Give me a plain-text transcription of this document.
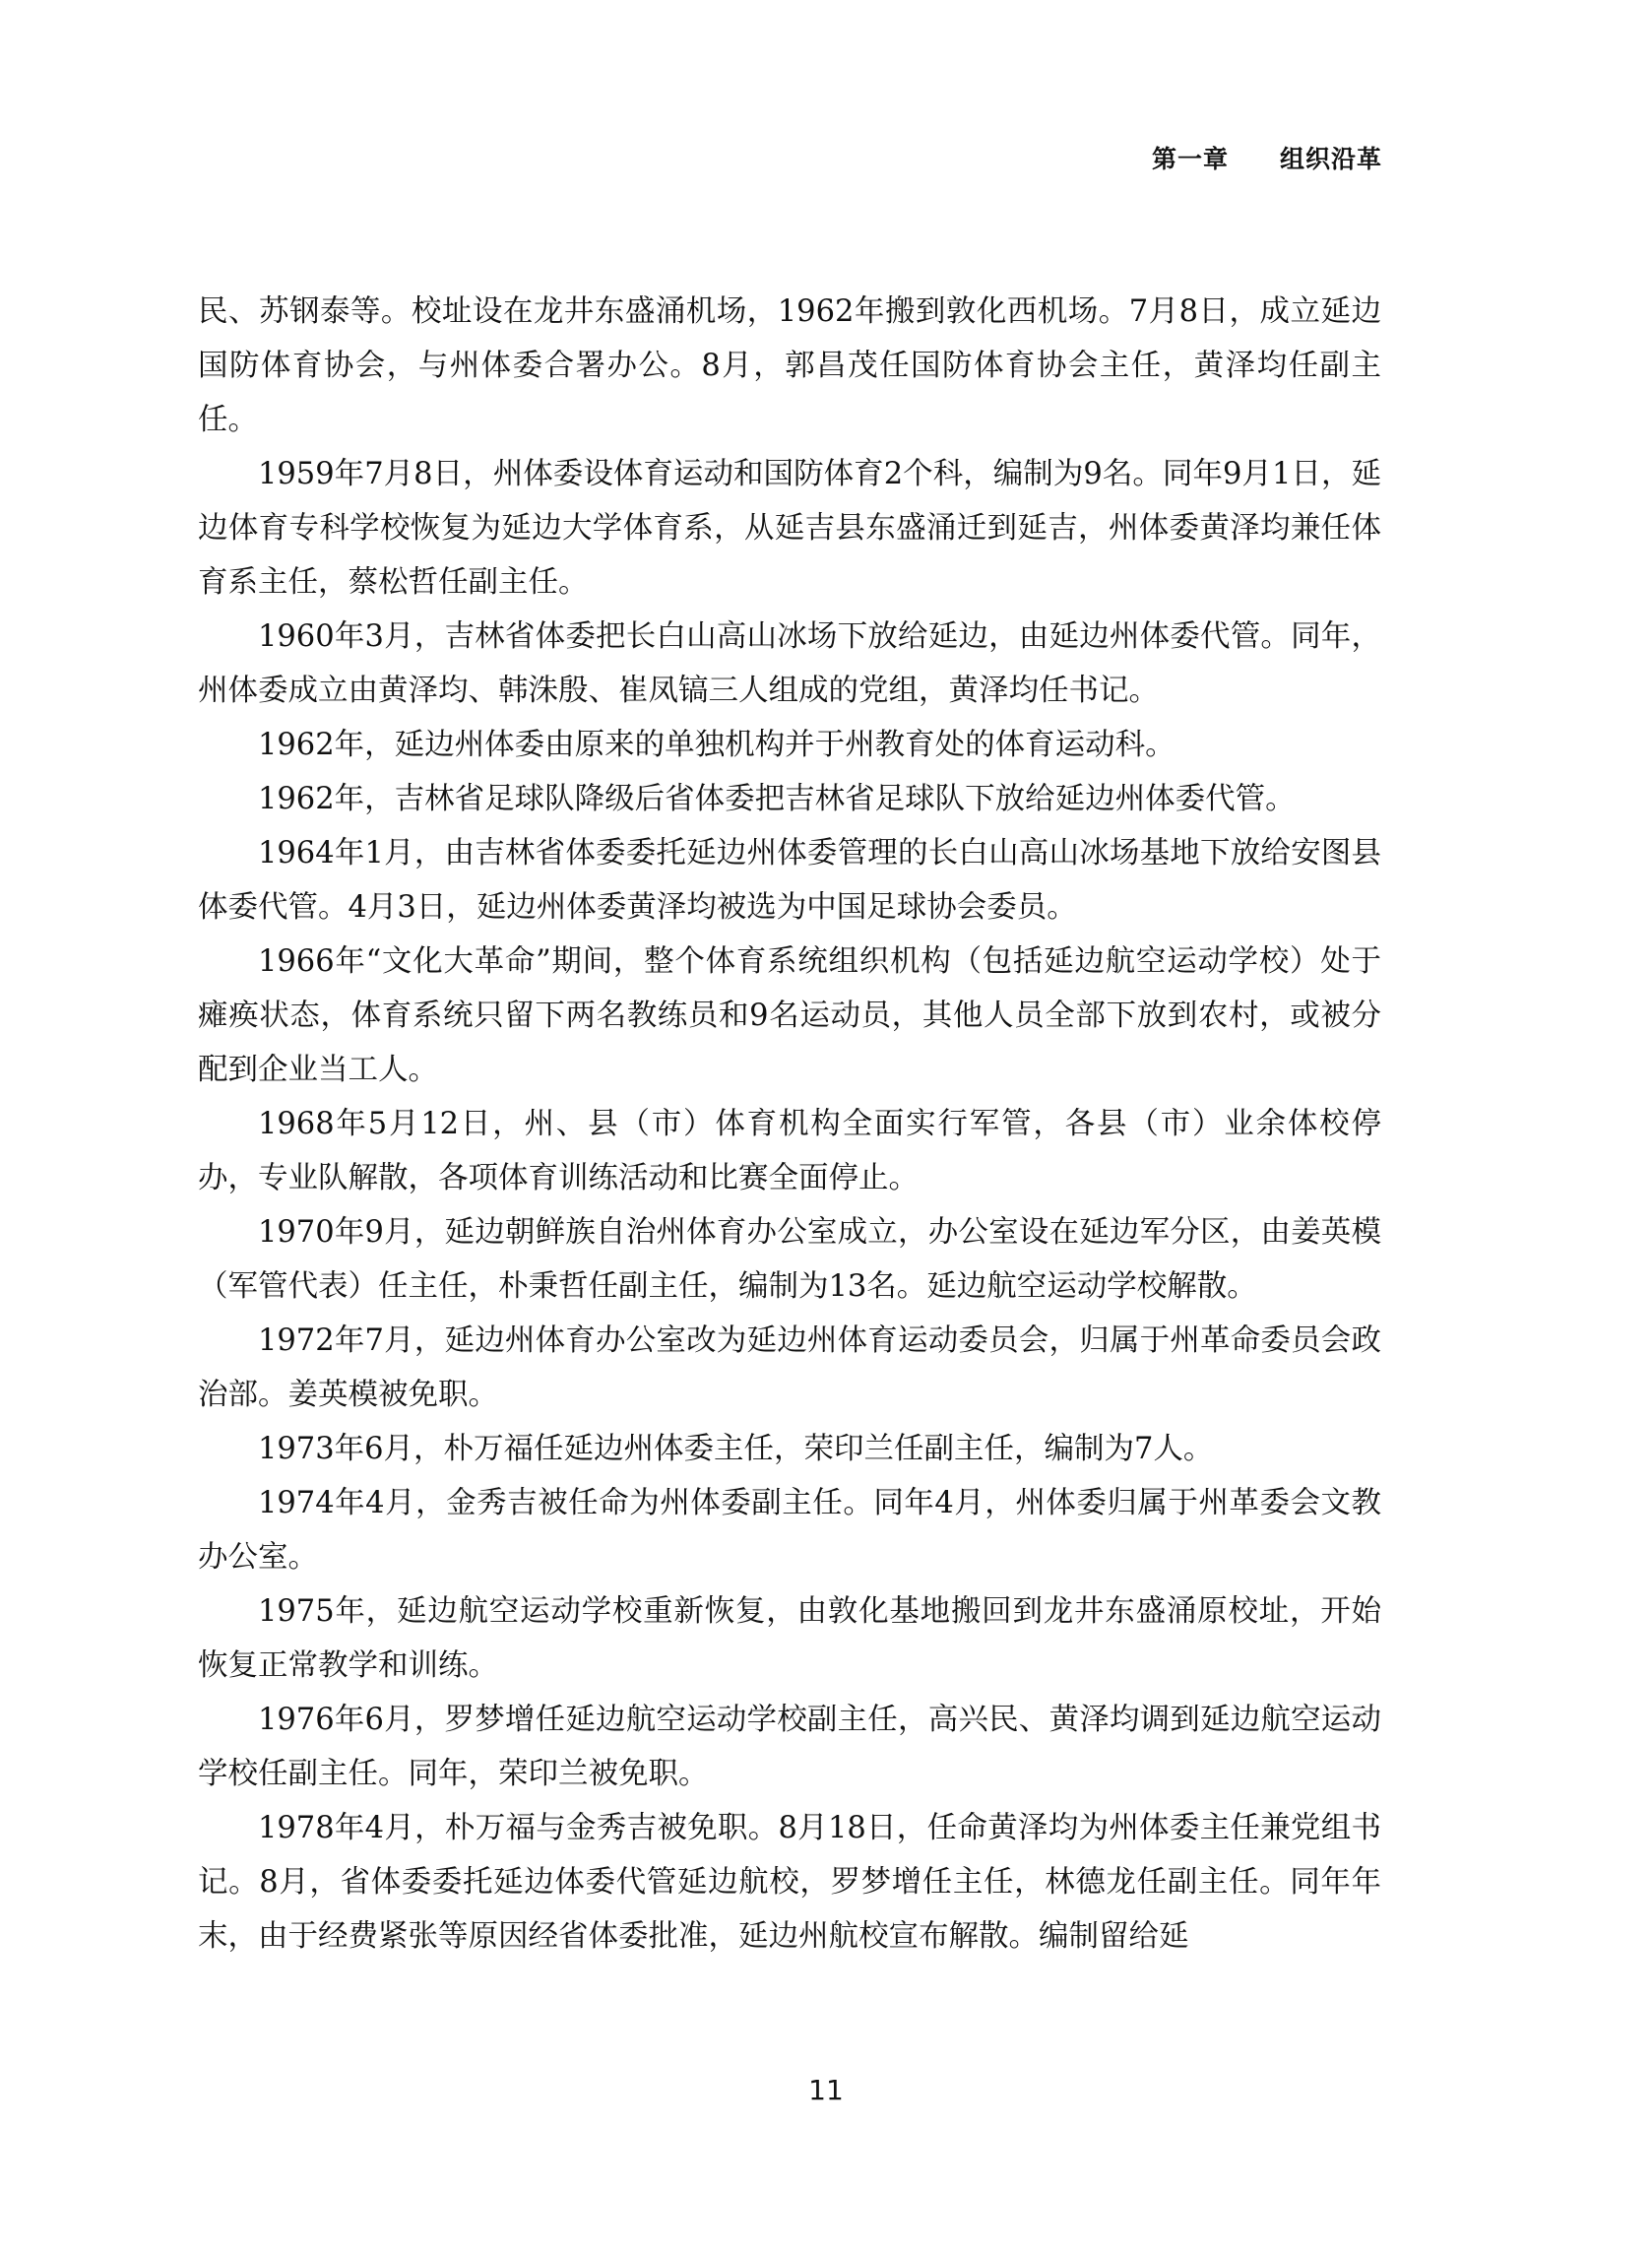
第一章　　组织沿革

民、苏钢泰等。校址设在龙井东盛涌机场，1962年搬到敦化西机场。7月8日，成立延边国防体育协会，与州体委合署办公。8月，郭昌茂任国防体育协会主任，黄泽均任副主任。

1959年7月8日，州体委设体育运动和国防体育2个科，编制为9名。同年9月1日，延边体育专科学校恢复为延边大学体育系，从延吉县东盛涌迁到延吉，州体委黄泽均兼任体育系主任，蔡松哲任副主任。

1960年3月，吉林省体委把长白山高山冰场下放给延边，由延边州体委代管。同年，州体委成立由黄泽均、韩洙殷、崔凤镐三人组成的党组，黄泽均任书记。

1962年，延边州体委由原来的单独机构并于州教育处的体育运动科。

1962年，吉林省足球队降级后省体委把吉林省足球队下放给延边州体委代管。

1964年1月，由吉林省体委委托延边州体委管理的长白山高山冰场基地下放给安图县体委代管。4月3日，延边州体委黄泽均被选为中国足球协会委员。

1966年“文化大革命”期间，整个体育系统组织机构（包括延边航空运动学校）处于瘫痪状态，体育系统只留下两名教练员和9名运动员，其他人员全部下放到农村，或被分配到企业当工人。

1968年5月12日，州、县（市）体育机构全面实行军管，各县（市）业余体校停办，专业队解散，各项体育训练活动和比赛全面停止。

1970年9月，延边朝鲜族自治州体育办公室成立，办公室设在延边军分区，由姜英模（军管代表）任主任，朴秉哲任副主任，编制为13名。延边航空运动学校解散。

1972年7月，延边州体育办公室改为延边州体育运动委员会，归属于州革命委员会政治部。姜英模被免职。

1973年6月，朴万福任延边州体委主任，荣印兰任副主任，编制为7人。

1974年4月，金秀吉被任命为州体委副主任。同年4月，州体委归属于州革委会文教办公室。

1975年，延边航空运动学校重新恢复，由敦化基地搬回到龙井东盛涌原校址，开始恢复正常教学和训练。

1976年6月，罗梦增任延边航空运动学校副主任，高兴民、黄泽均调到延边航空运动学校任副主任。同年，荣印兰被免职。

1978年4月，朴万福与金秀吉被免职。8月18日，任命黄泽均为州体委主任兼党组书记。8月，省体委委托延边体委代管延边航校，罗梦增任主任，林德龙任副主任。同年年末，由于经费紧张等原因经省体委批准，延边州航校宣布解散。编制留给延

11
